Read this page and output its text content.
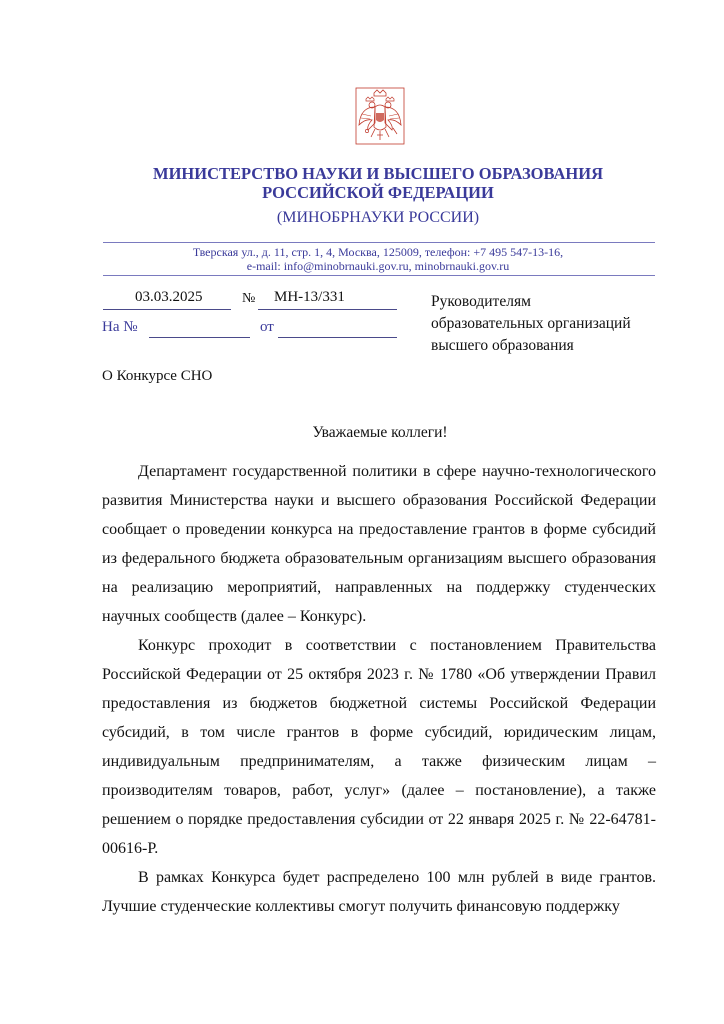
МИНИСТЕРСТВО НАУКИ И ВЫСШЕГО ОБРАЗОВАНИЯ
РОССИЙСКОЙ ФЕДЕРАЦИИ
(МИНОБРНАУКИ РОССИИ)
Тверская ул., д. 11, стр. 1, 4, Москва, 125009, телефон: +7 495 547-13-16,
e-mail: info@minobrnauki.gov.ru, minobrnauki.gov.ru
03.03.2025	№ МН-13/331
На №	от
Руководителям
образовательных организаций
высшего образования
О Конкурсе СНО
Уважаемые коллеги!

Департамент государственной политики в сфере научно-технологического развития Министерства науки и высшего образования Российской Федерации сообщает о проведении конкурса на предоставление грантов в форме субсидий из федерального бюджета образовательным организациям высшего образования на реализацию мероприятий, направленных на поддержку студенческих научных сообществ (далее – Конкурс).

Конкурс проходит в соответствии с постановлением Правительства Российской Федерации от 25 октября 2023 г. № 1780 «Об утверждении Правил предоставления из бюджетов бюджетной системы Российской Федерации субсидий, в том числе грантов в форме субсидий, юридическим лицам, индивидуальным предпринимателям, а также физическим лицам – производителям товаров, работ, услуг» (далее – постановление), а также решением о порядке предоставления субсидии от 22 января 2025 г. № 22-64781-00616-Р.

В рамках Конкурса будет распределено 100 млн рублей в виде грантов. Лучшие студенческие коллективы смогут получить финансовую поддержку
